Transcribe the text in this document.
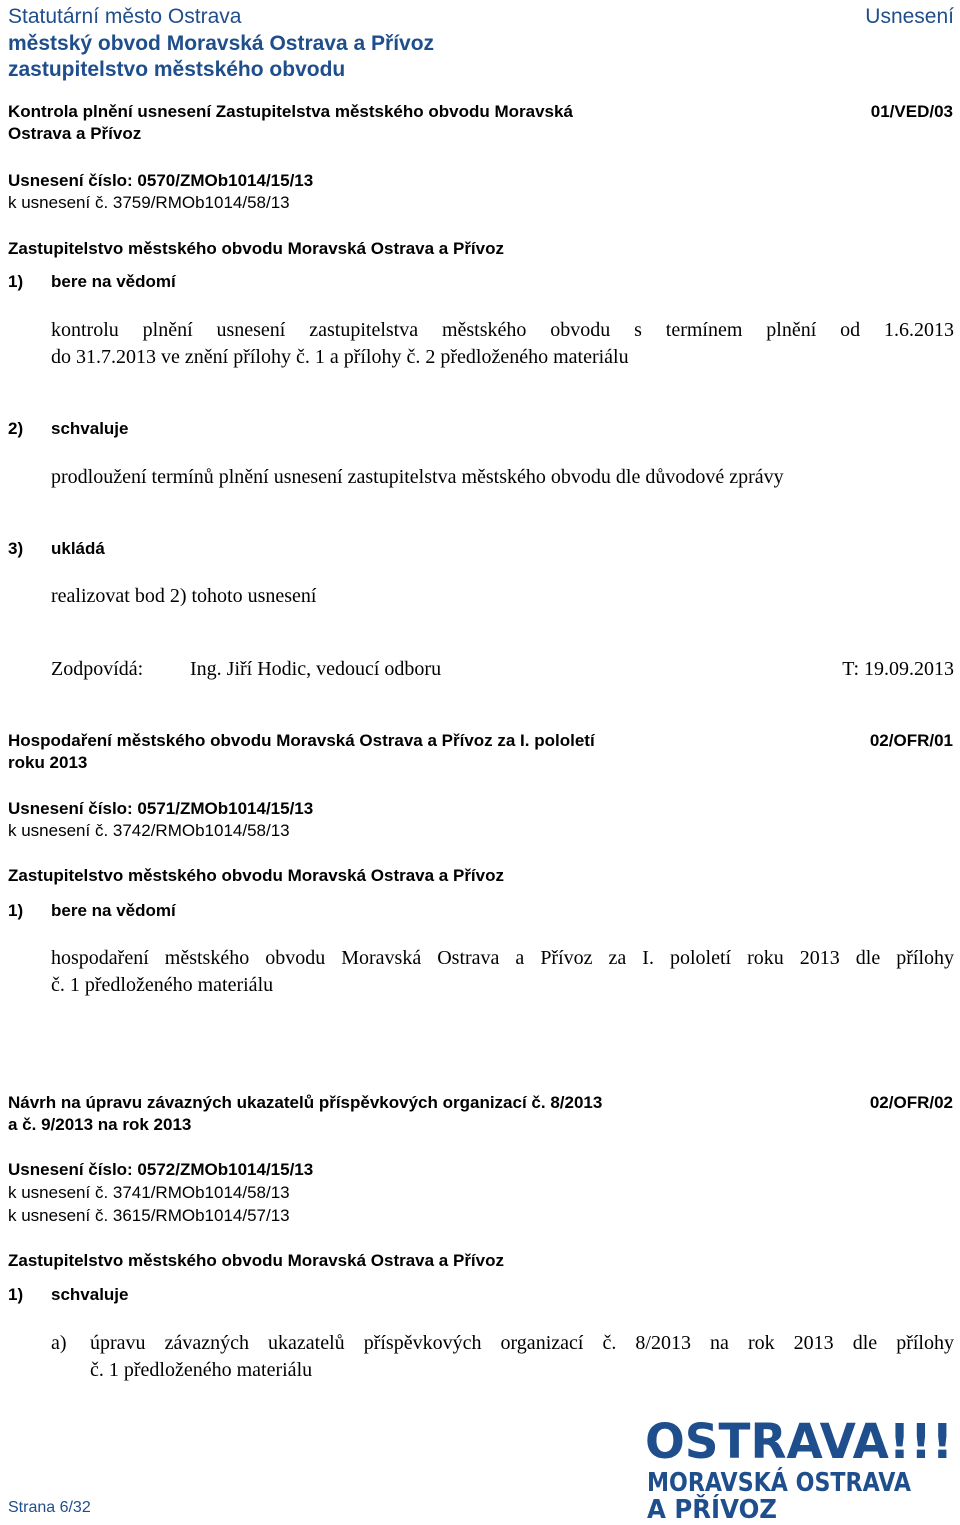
Statutární město Ostrava
městský obvod Moravská Ostrava a Přívoz
zastupitelstvo městského obvodu
Usnesení
Kontrola plnění usnesení Zastupitelstva městského obvodu Moravská
Ostrava a Přívoz
01/VED/03
Usnesení číslo: 0570/ZMOb1014/15/13
k usnesení č. 3759/RMOb1014/58/13
Zastupitelstvo městského obvodu Moravská Ostrava a Přívoz
1) bere na vědomí
kontrolu plnění usnesení zastupitelstva městského obvodu s termínem plnění od 1.6.2013
do 31.7.2013 ve znění přílohy č. 1 a přílohy č. 2 předloženého materiálu
2) schvaluje
prodloužení termínů plnění usnesení zastupitelstva městského obvodu dle důvodové zprávy
3) ukládá
realizovat bod 2) tohoto usnesení
Zodpovídá: Ing. Jiří Hodic, vedoucí odboru	T: 19.09.2013
Hospodaření městského obvodu Moravská Ostrava a Přívoz za I. pololetí
roku 2013
02/OFR/01
Usnesení číslo: 0571/ZMOb1014/15/13
k usnesení č. 3742/RMOb1014/58/13
Zastupitelstvo městského obvodu Moravská Ostrava a Přívoz
1) bere na vědomí
hospodaření městského obvodu Moravská Ostrava a Přívoz za I. pololetí roku 2013 dle přílohy
č. 1 předloženého materiálu
Návrh na úpravu závazných ukazatelů příspěvkových organizací č. 8/2013
a č. 9/2013 na rok 2013
02/OFR/02
Usnesení číslo: 0572/ZMOb1014/15/13
k usnesení č. 3741/RMOb1014/58/13
k usnesení č. 3615/RMOb1014/57/13
Zastupitelstvo městského obvodu Moravská Ostrava a Přívoz
1) schvaluje
a) úpravu závazných ukazatelů příspěvkových organizací č. 8/2013 na rok 2013 dle přílohy
č. 1 předloženého materiálu
Strana 6/32
OSTRAVA!!!
MORAVSKÁ OSTRAVA
A PŘÍVOZ
